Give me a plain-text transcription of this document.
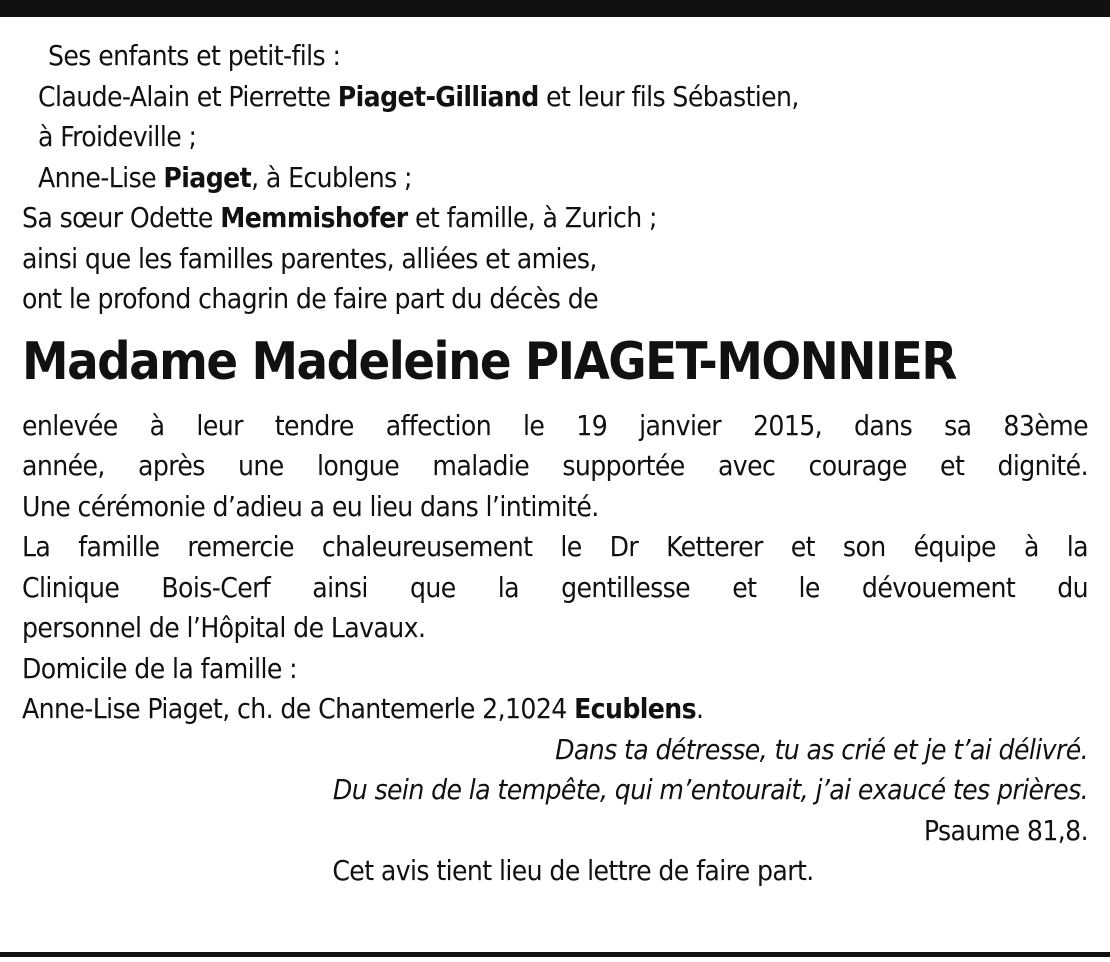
Ses enfants et petit-fils :
Claude-Alain et Pierrette Piaget-Gilliand et leur fils Sébastien,
à Froideville ;
Anne-Lise Piaget, à Ecublens ;
Sa sœur Odette Memmishofer et famille, à Zurich ;
ainsi que les familles parentes, alliées et amies,
ont le profond chagrin de faire part du décès de
Madame Madeleine PIAGET-MONNIER
enlevée à leur tendre affection le 19 janvier 2015, dans sa 83ème
année, après une longue maladie supportée avec courage et dignité.
Une cérémonie d’adieu a eu lieu dans l’intimité.
La famille remercie chaleureusement le Dr Ketterer et son équipe à la
Clinique Bois-Cerf ainsi que la gentillesse et le dévouement du
personnel de l’Hôpital de Lavaux.
Domicile de la famille :
Anne-Lise Piaget, ch. de Chantemerle 2,1024 Ecublens.
Dans ta détresse, tu as crié et je t’ai délivré.
Du sein de la tempête, qui m’entourait, j’ai exaucé tes prières.
Psaume 81,8.
Cet avis tient lieu de lettre de faire part.
